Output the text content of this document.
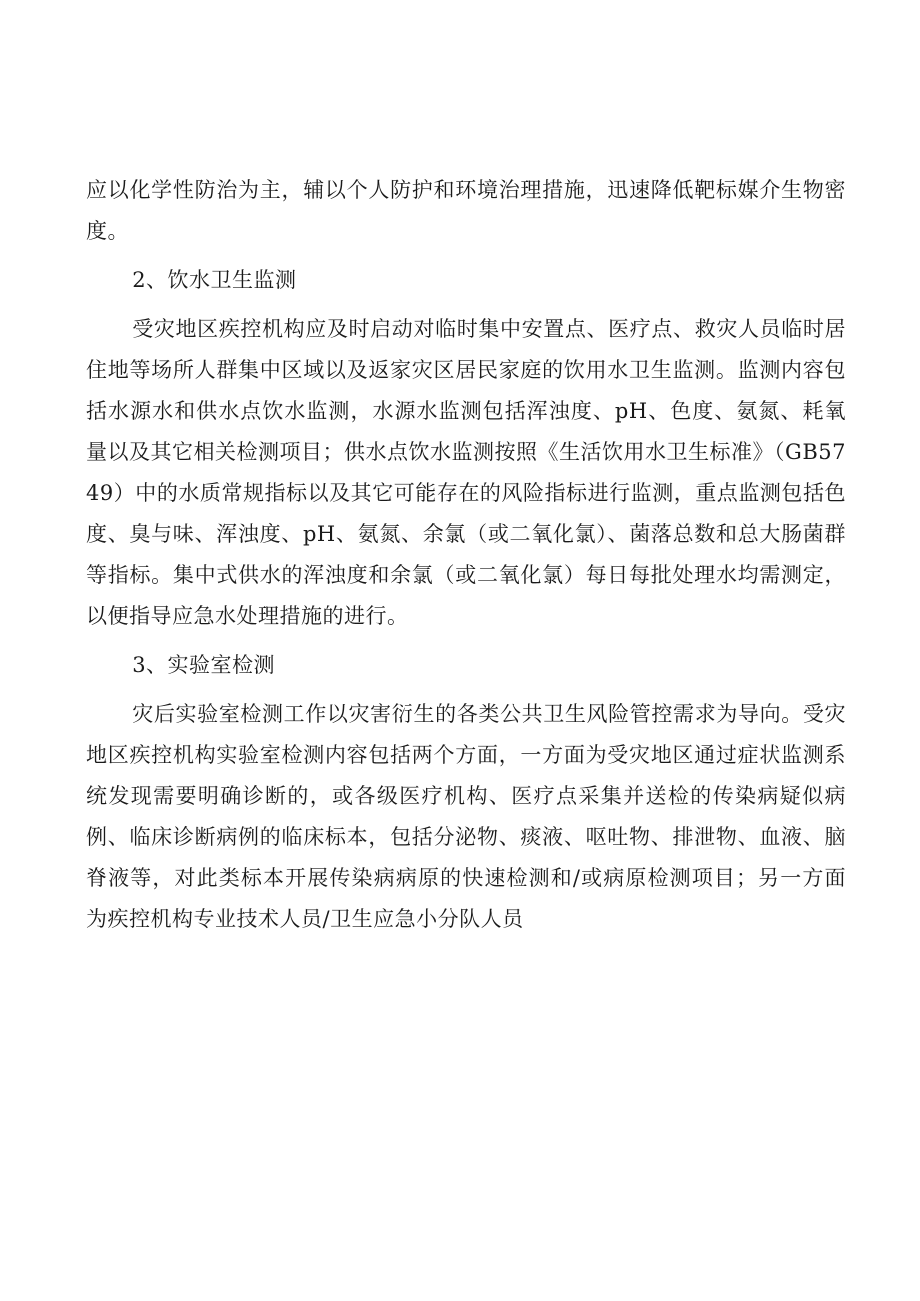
应以化学性防治为主，辅以个人防护和环境治理措施，迅速降低靶标媒介生物密度。

2、饮水卫生监测

受灾地区疾控机构应及时启动对临时集中安置点、医疗点、救灾人员临时居住地等场所人群集中区域以及返家灾区居民家庭的饮用水卫生监测。监测内容包括水源水和供水点饮水监测，水源水监测包括浑浊度、pH、色度、氨氮、耗氧量以及其它相关检测项目；供水点饮水监测按照《生活饮用水卫生标准》（GB5749）中的水质常规指标以及其它可能存在的风险指标进行监测，重点监测包括色度、臭与味、浑浊度、pH、氨氮、余氯（或二氧化氯）、菌落总数和总大肠菌群等指标。集中式供水的浑浊度和余氯（或二氧化氯）每日每批处理水均需测定，以便指导应急水处理措施的进行。

3、实验室检测

灾后实验室检测工作以灾害衍生的各类公共卫生风险管控需求为导向。受灾地区疾控机构实验室检测内容包括两个方面，一方面为受灾地区通过症状监测系统发现需要明确诊断的，或各级医疗机构、医疗点采集并送检的传染病疑似病例、临床诊断病例的临床标本，包括分泌物、痰液、呕吐物、排泄物、血液、脑脊液等，对此类标本开展传染病病原的快速检测和/或病原检测项目；另一方面为疾控机构专业技术人员/卫生应急小分队人员
